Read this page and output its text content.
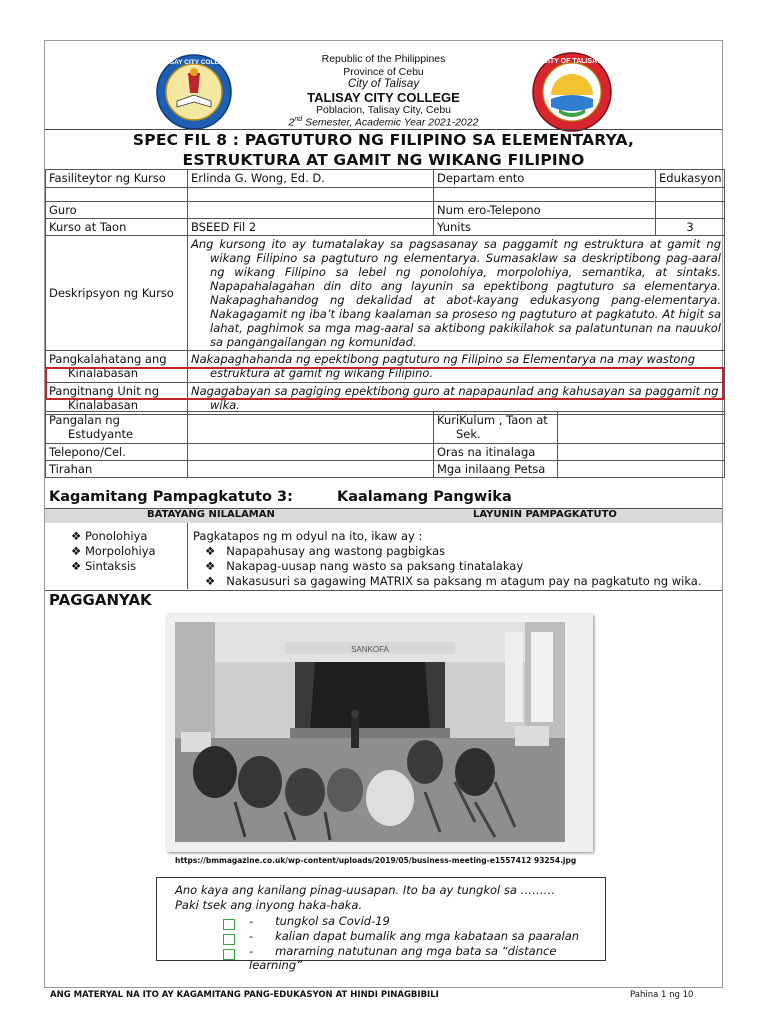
TALISAY CITY COLLEGE	CITY OF TALISAY
Republic of the Philippines
Province of Cebu
City of Talisay
TALISAY CITY COLLEGE
Poblacion, Talisay City, Cebu
2nd Semester, Academic Year 2021-2022
SPEC FIL 8 : PAGTUTURO NG FILIPINO SA ELEMENTARYA,
ESTRUKTURA AT GAMIT NG WIKANG FILIPINO
Fasiliteytor ng Kurso	Erlinda G. Wong, Ed. D.	Departam ento	Edukasyon

Guro		Num ero-Telepono	
Kurso at Taon	BSEED Fil 2	Yunits	3
Deskripsyon ng Kurso	Ang kursong ito ay tumatalakay sa pagsasanay sa paggamit ng estruktura at gamit ng wikang Filipino sa pagtuturo ng elementarya. Sumasaklaw sa deskriptibong pag-aaral ng wikang Filipino sa lebel ng ponolohiya, morpolohiya, semantika, at sintaks. Napapahalagahan din dito ang layunin sa epektibong pagtuturo sa elementarya. Nakapaghahandog ng dekalidad at abot-kayang edukasyong pang-elementarya. Nakagagamit ng iba’t ibang kaalaman sa proseso ng pagtuturo at pagkatuto. At higit sa lahat, paghimok sa mga mag-aaral sa aktibong pakikilahok sa palatuntunan na nauukol sa pangangailangan ng komunidad.		
Pangkalahatang ang Kinalabasan	Nakapaghahanda ng epektibong pagtuturo ng Filipino sa Elementarya na may wastong estruktura at gamit ng wikang Filipino.		
Pangitnang Unit ng Kinalabasan	Nagagabayan sa pagiging epektibong guro at napapaunlad ang kahusayan sa paggamit ng wika.		
Pangalan ng Estudyante		KuriKulum , Taon at Sek.	
Telepono/Cel.		Oras na itinalaga	
Tirahan		Mga inilaang Petsa	
Kagamitang Pampagkatuto 3:	Kaalamang Pangwika
BATAYANG NILALAMAN	LAYUNIN PAMPAGKATUTO
❖ Ponolohiya
❖ Morpolohiya
❖ Sintaksis
Pagkatapos ng m odyul na ito, ikaw ay :
❖   Napapahusay ang wastong pagbigkas
❖   Nakapag-uusap nang wasto sa paksang tinatalakay
❖   Nakasusuri sa gagawing MATRIX sa paksang m atagum pay na pagkatuto ng wika.
PAGGANYAK
SANKOFA
https://bmmagazine.co.uk/wp-content/uploads/2019/05/business-meeting-e1557412 93254.jpg
Ano kaya ang kanilang pinag-uusapan. Ito ba ay tungkol sa ………
Paki tsek ang inyong haka-haka.
-      tungkol sa Covid-19
-      kalian dapat bumalik ang mga kabataan sa paaralan
-      maraming natutunan ang mga bata sa “distance learning”
ANG MATERYAL NA ITO AY KAGAMITANG PANG-EDUKASYON AT HINDI PINAGBIBILI	Pahina 1 ng 10
